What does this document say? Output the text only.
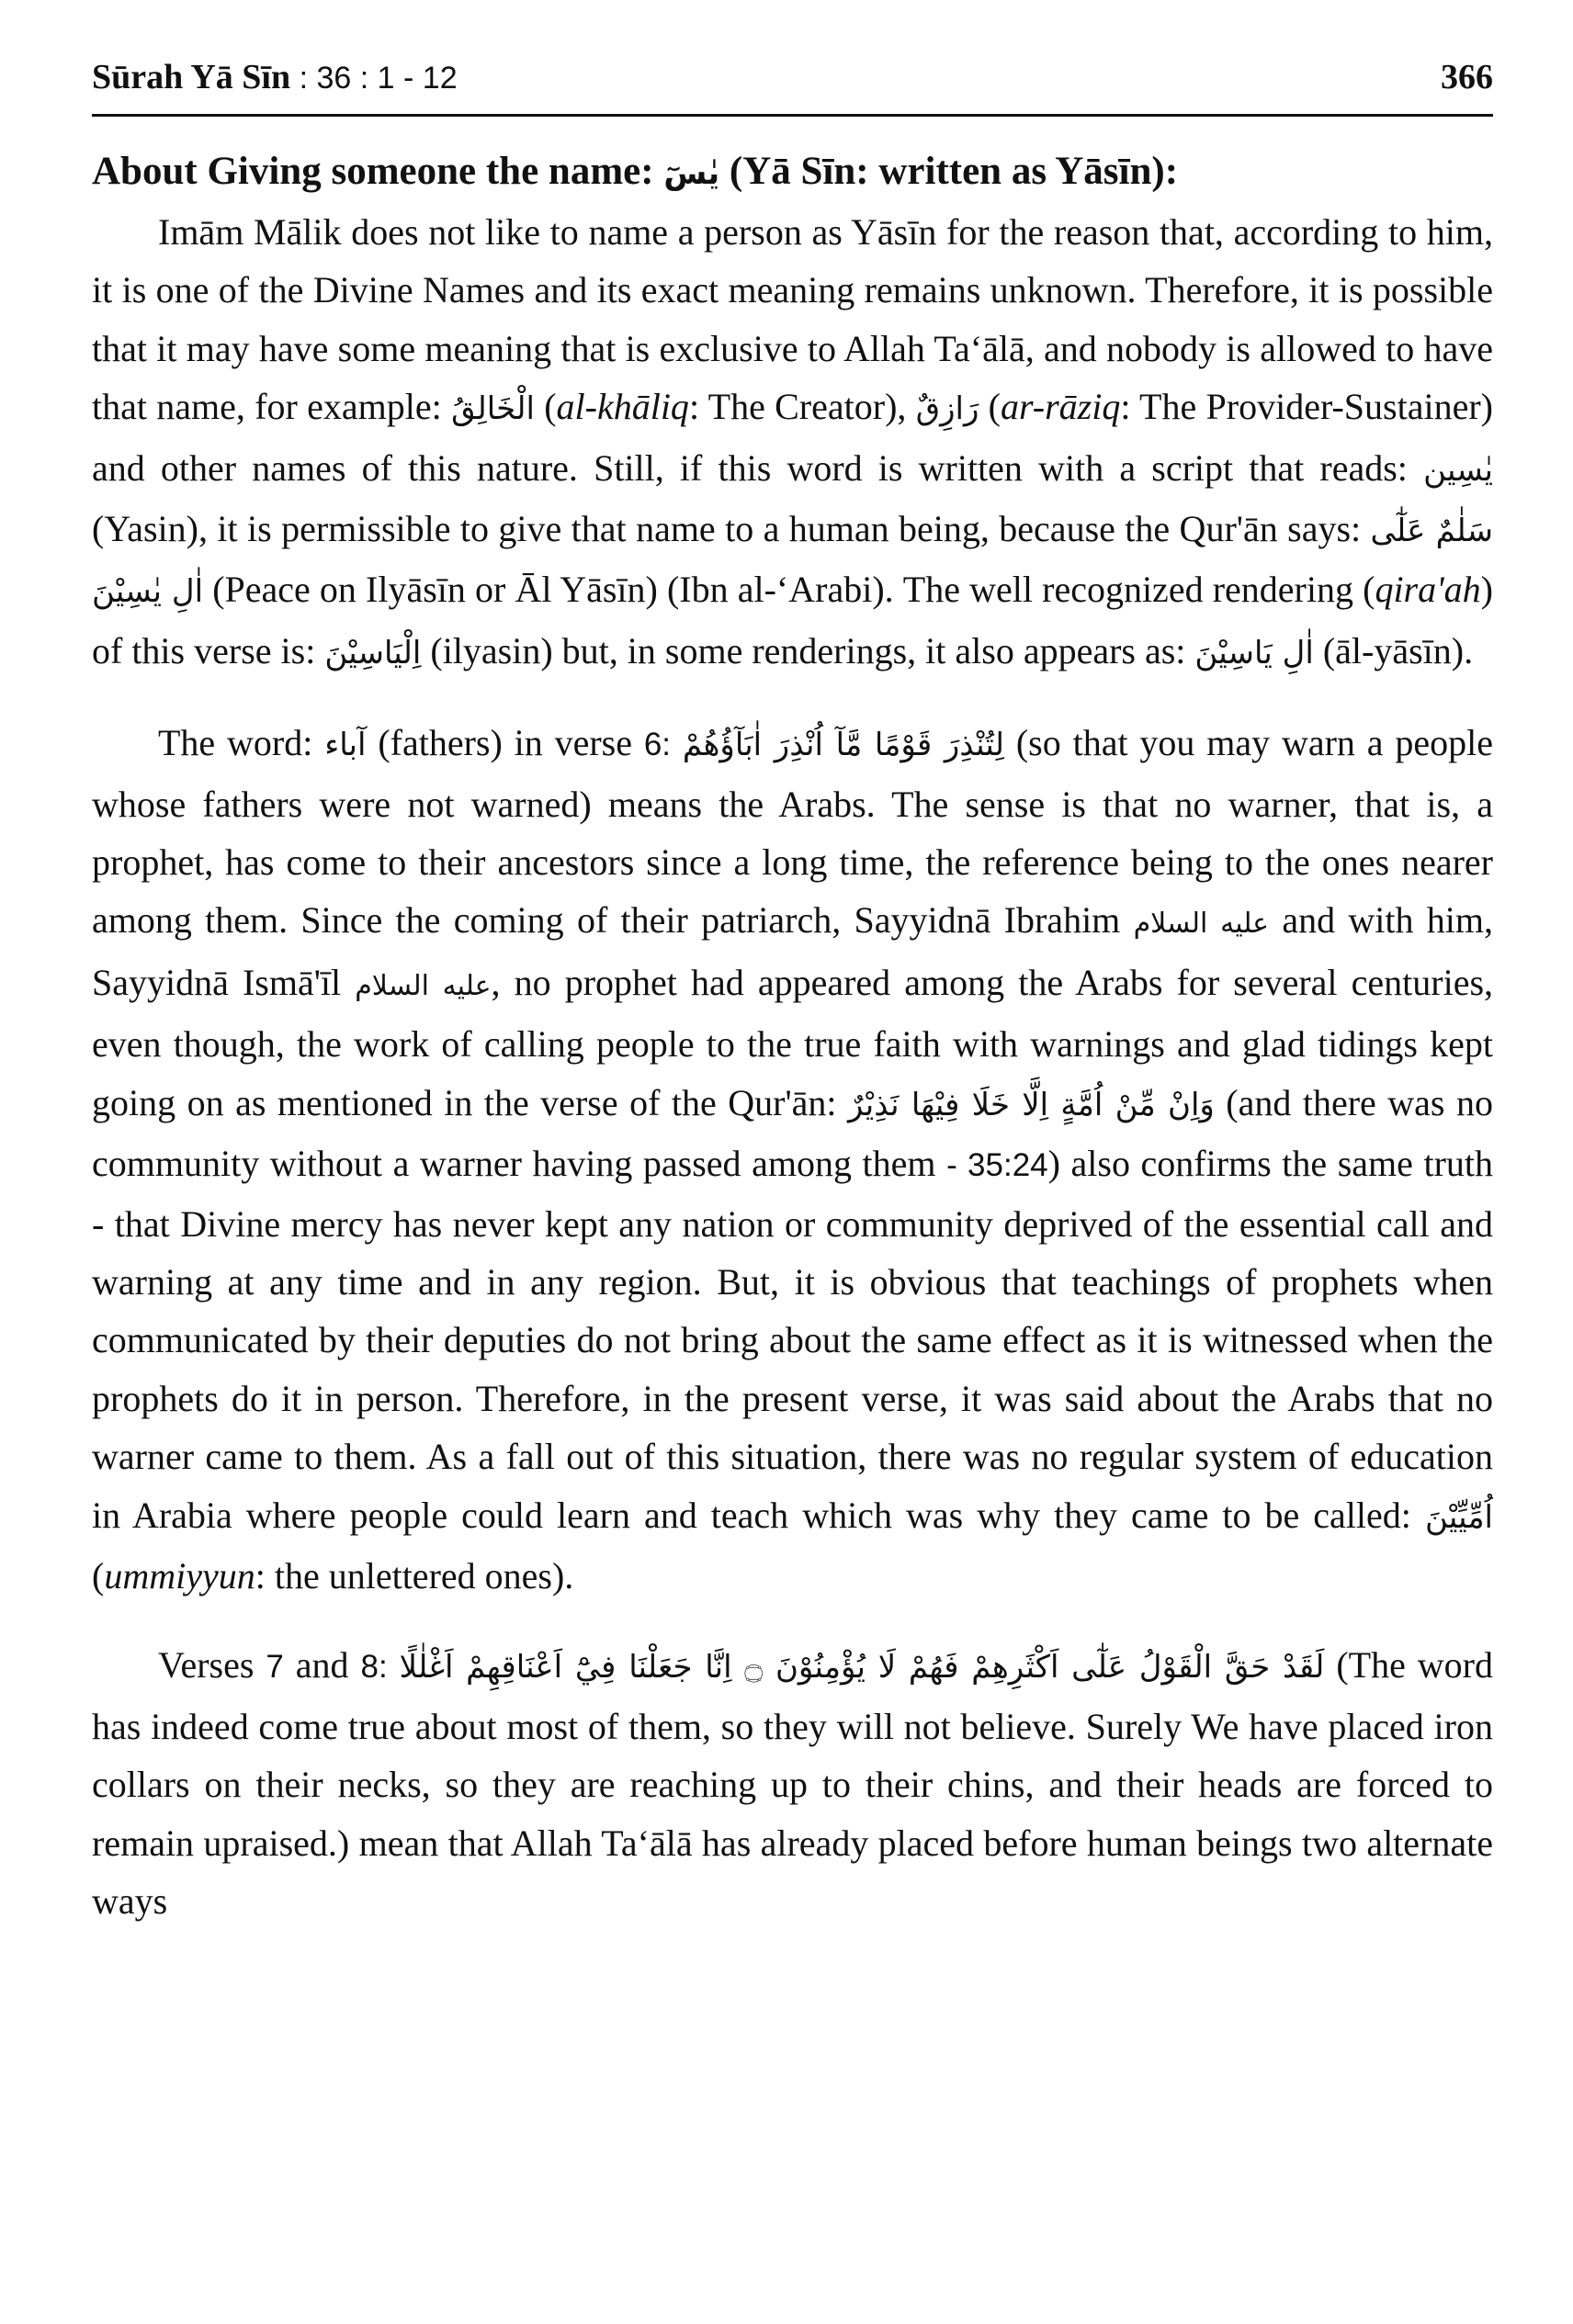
Sūrah Yā Sīn : 36 : 1 - 12	366
About Giving someone the name: يٰسٓ (Yā Sīn: written as Yāsīn):

Imām Mālik does not like to name a person as Yāsīn for the reason that, according to him, it is one of the Divine Names and its exact meaning remains unknown. Therefore, it is possible that it may have some meaning that is exclusive to Allah Taʻālā, and nobody is allowed to have that name, for example: الْخَالِقُ (al-khāliq: The Creator), رَازِقٌ (ar-rāziq: The Provider-Sustainer) and other names of this nature. Still, if this word is written with a script that reads: يٰسِين (Yasin), it is permissible to give that name to a human being, because the Qur'ān says: سَلٰمٌ عَلٰٓى اٰلِ يٰسِيْنَ (Peace on Ilyāsīn or Āl Yāsīn) (Ibn al-ʻArabi). The well recognized rendering (qira'ah) of this verse is: اِلْيَاسِيْنَ (ilyasin) but, in some renderings, it also appears as: اٰلِ يَاسِيْنَ (āl-yāsīn).

The word: آباء (fathers) in verse 6: لِتُنْذِرَ قَوْمًا مَّآ اُنْذِرَ اٰبَآؤُهُمْ (so that you may warn a people whose fathers were not warned) means the Arabs. The sense is that no warner, that is, a prophet, has come to their ancestors since a long time, the reference being to the ones nearer among them. Since the coming of their patriarch, Sayyidnā Ibrahim عليه السلام and with him, Sayyidnā Ismā'īl عليه السلام, no prophet had appeared among the Arabs for several centuries, even though, the work of calling people to the true faith with warnings and glad tidings kept going on as mentioned in the verse of the Qur'ān: وَاِنْ مِّنْ اُمَّةٍ اِلَّا خَلَا فِيْهَا نَذِيْرٌ (and there was no community without a warner having passed among them - 35:24) also confirms the same truth - that Divine mercy has never kept any nation or community deprived of the essential call and warning at any time and in any region. But, it is obvious that teachings of prophets when communicated by their deputies do not bring about the same effect as it is witnessed when the prophets do it in person. Therefore, in the present verse, it was said about the Arabs that no warner came to them. As a fall out of this situation, there was no regular system of education in Arabia where people could learn and teach which was why they came to be called: اُمِّيِّيْنَ (ummiyyun: the unlettered ones).

Verses 7 and 8: لَقَدْ حَقَّ الْقَوْلُ عَلٰٓى اَكْثَرِهِمْ فَهُمْ لَا يُؤْمِنُوْنَ ۝ اِنَّا جَعَلْنَا فِيْٓ اَعْنَاقِهِمْ اَغْلٰلًا (The word has indeed come true about most of them, so they will not believe. Surely We have placed iron collars on their necks, so they are reaching up to their chins, and their heads are forced to remain upraised.) mean that Allah Taʻālā has already placed before human beings two alternate ways
